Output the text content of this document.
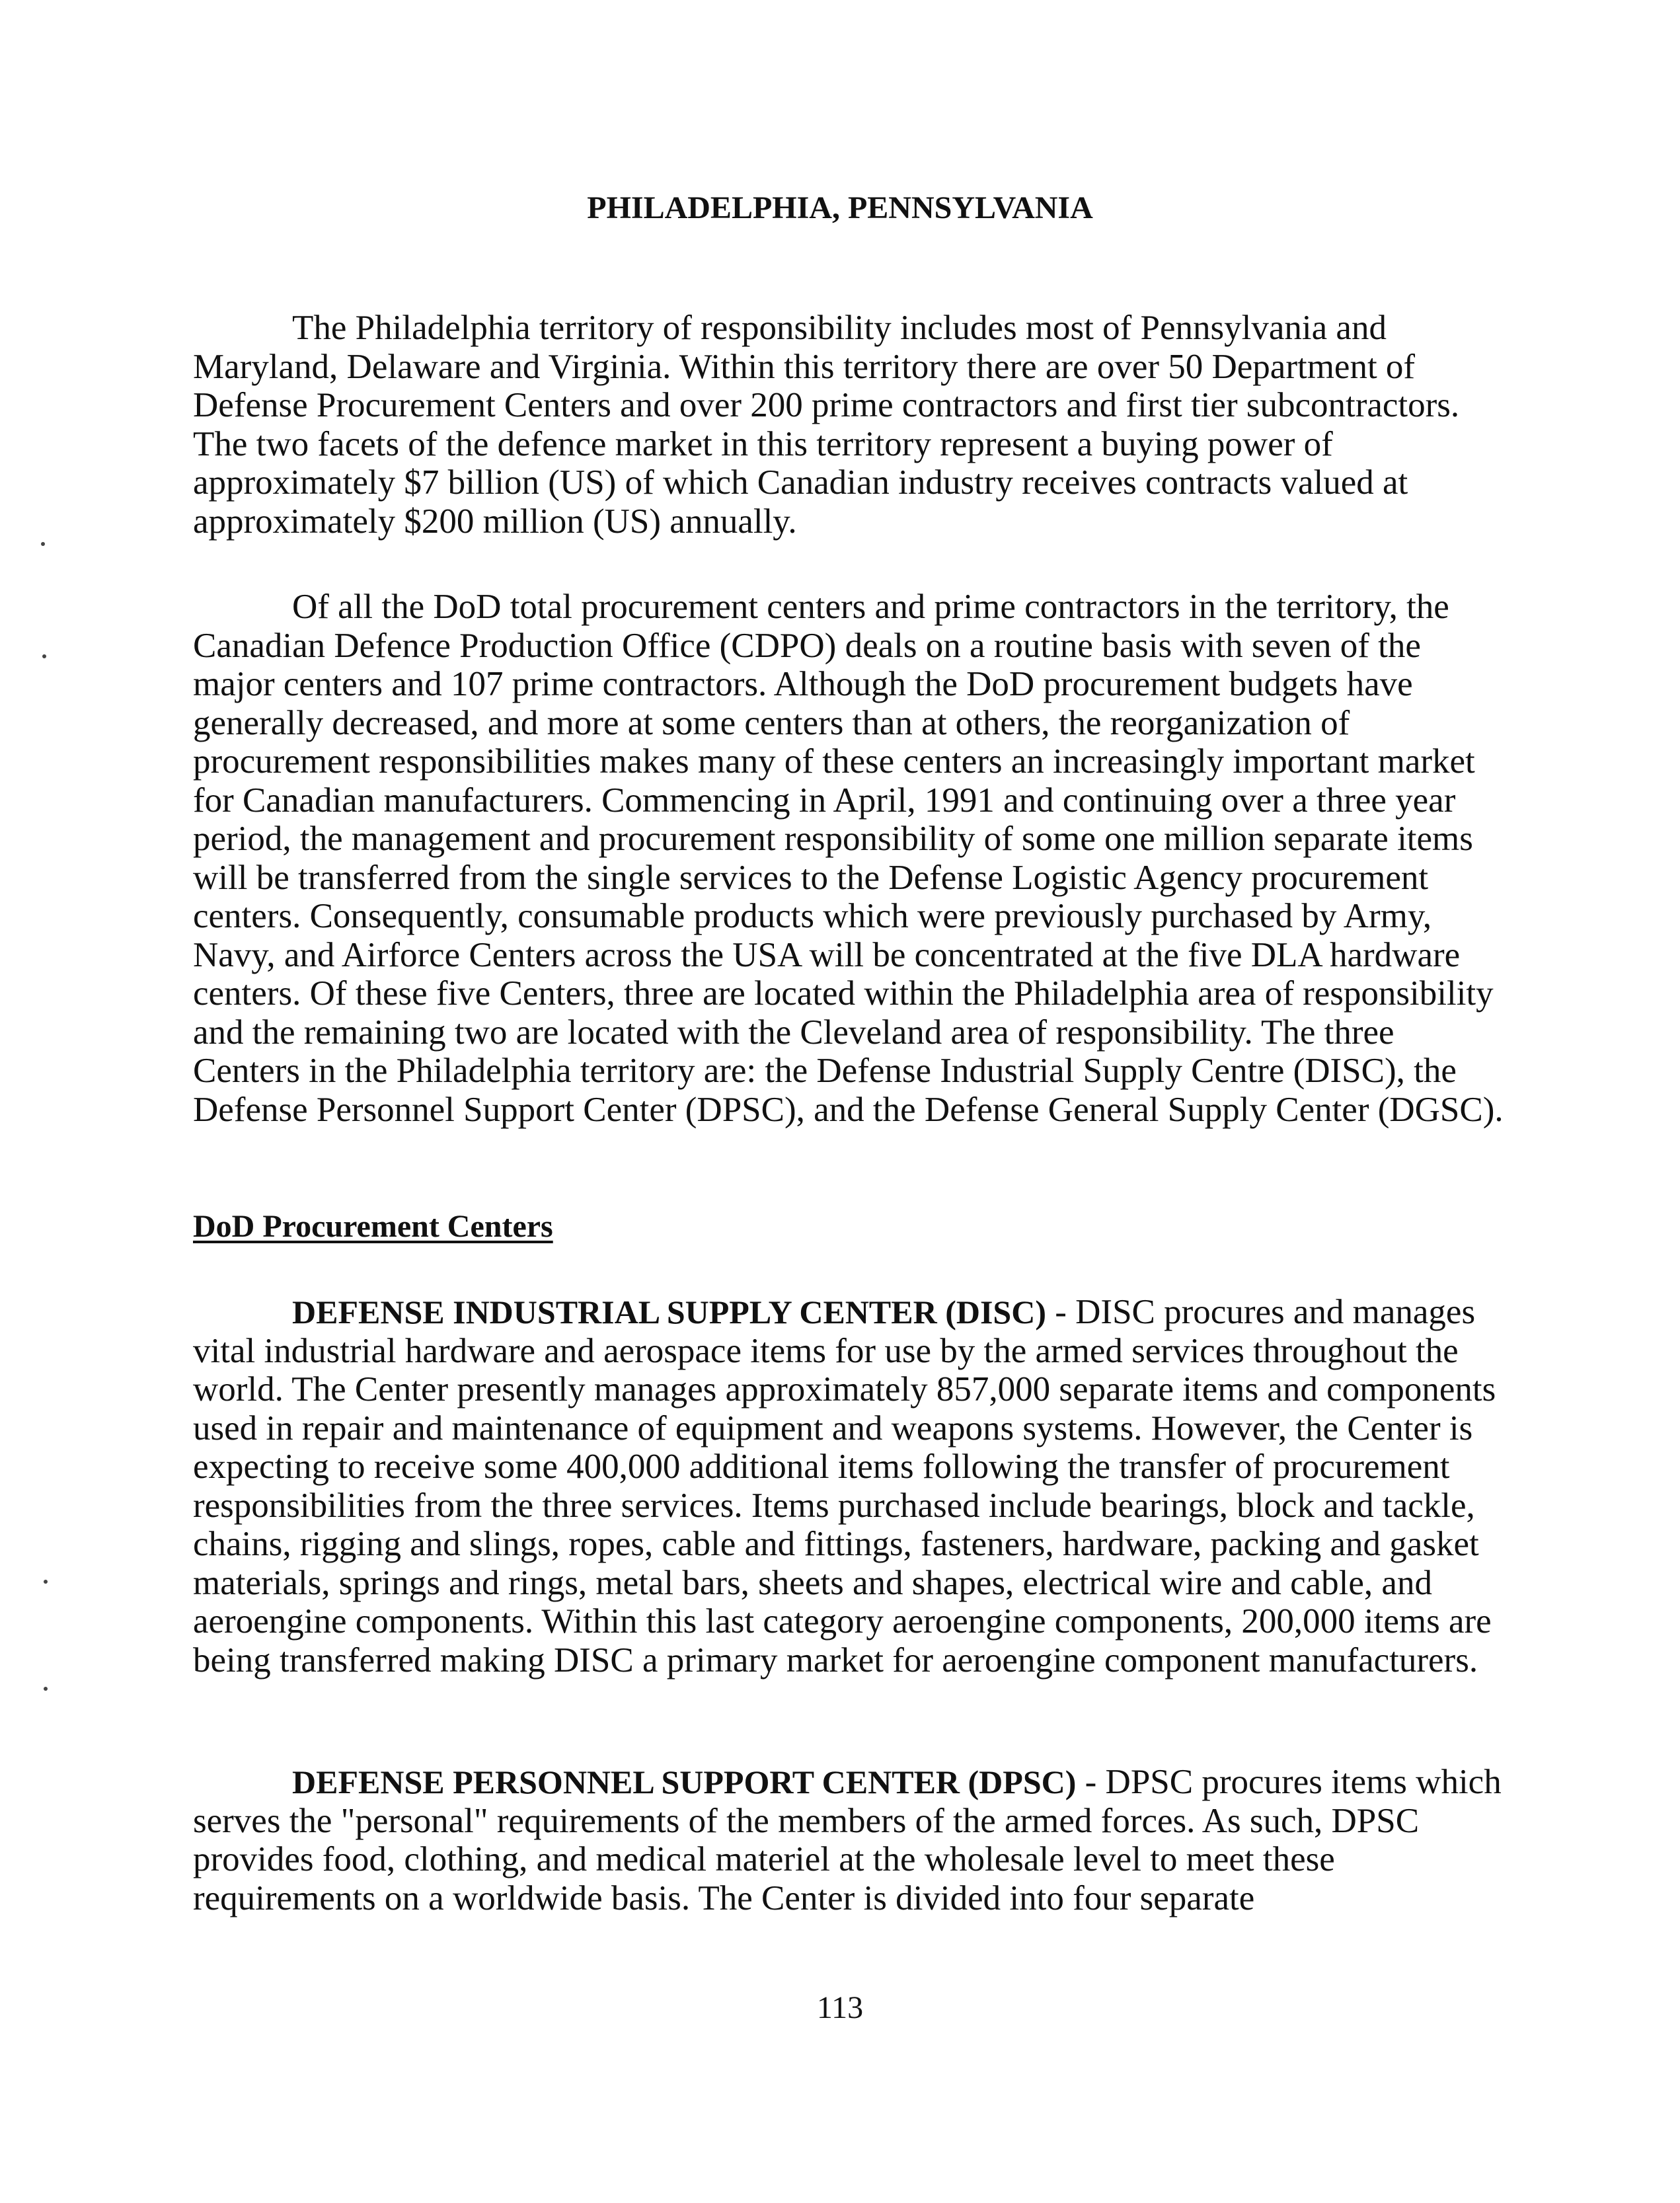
PHILADELPHIA, PENNSYLVANIA

The Philadelphia territory of responsibility includes most of Pennsylvania and Maryland, Delaware and Virginia. Within this territory there are over 50 Department of Defense Procurement Centers and over 200 prime contractors and first tier subcontractors. The two facets of the defence market in this territory represent a buying power of approximately $7 billion (US) of which Canadian industry receives contracts valued at approximately $200 million (US) annually.

Of all the DoD total procurement centers and prime contractors in the territory, the Canadian Defence Production Office (CDPO) deals on a routine basis with seven of the major centers and 107 prime contractors. Although the DoD procurement budgets have generally decreased, and more at some centers than at others, the reorganization of procurement responsibilities makes many of these centers an increasingly important market for Canadian manufacturers. Commencing in April, 1991 and continuing over a three year period, the management and procurement responsibility of some one million separate items will be transferred from the single services to the Defense Logistic Agency procurement centers. Consequently, consumable products which were previously purchased by Army, Navy, and Airforce Centers across the USA will be concentrated at the five DLA hardware centers. Of these five Centers, three are located within the Philadelphia area of responsibility and the remaining two are located with the Cleveland area of responsibility. The three Centers in the Philadelphia territory are: the Defense Industrial Supply Centre (DISC), the Defense Personnel Support Center (DPSC), and the Defense General Supply Center (DGSC).

DoD Procurement Centers

DEFENSE INDUSTRIAL SUPPLY CENTER (DISC) - DISC procures and manages vital industrial hardware and aerospace items for use by the armed services throughout the world. The Center presently manages approximately 857,000 separate items and components used in repair and maintenance of equipment and weapons systems. However, the Center is expecting to receive some 400,000 additional items following the transfer of procurement responsibilities from the three services. Items purchased include bearings, block and tackle, chains, rigging and slings, ropes, cable and fittings, fasteners, hardware, packing and gasket materials, springs and rings, metal bars, sheets and shapes, electrical wire and cable, and aeroengine components. Within this last category aeroengine components, 200,000 items are being transferred making DISC a primary market for aeroengine component manufacturers.

DEFENSE PERSONNEL SUPPORT CENTER (DPSC) - DPSC procures items which serves the "personal" requirements of the members of the armed forces. As such, DPSC provides food, clothing, and medical materiel at the wholesale level to meet these requirements on a worldwide basis. The Center is divided into four separate

113
